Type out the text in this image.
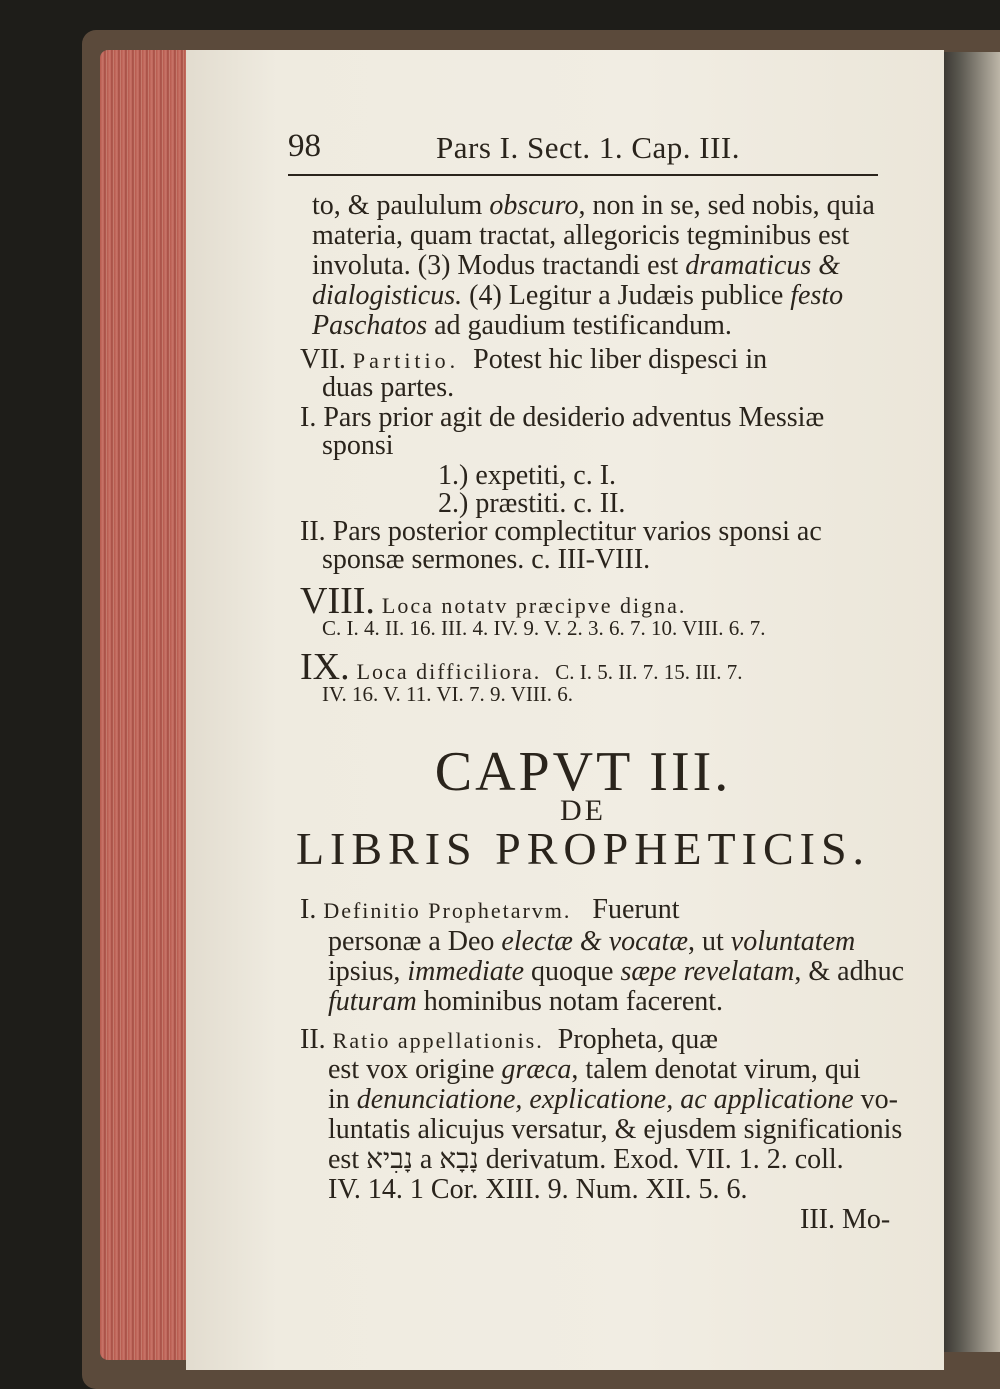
98	Pars I. Sect. 1. Cap. III.
to, & paululum obscuro, non in se, sed nobis, quia
materia, quam tractat, allegoricis tegminibus est
involuta. (3) Modus tractandi est dramaticus &
dialogisticus. (4) Legitur a Judæis publice festo
Paschatos ad gaudium testificandum.
VII. Partitio. Potest hic liber dispesci in
duas partes.
I. Pars prior agit de desiderio adventus Messiæ
sponsi
1.) expetiti, c. I.
2.) præstiti. c. II.
II. Pars posterior complectitur varios sponsi ac
sponsæ sermones. c. III-VIII.
VIII. Loca notatv præcipve digna.
C. I. 4. II. 16. III. 4. IV. 9. V. 2. 3. 6. 7. 10. VIII. 6. 7.
IX. Loca difficiliora. C. I. 5. II. 7. 15. III. 7.
IV. 16. V. 11. VI. 7. 9. VIII. 6.
CAPVT III.
DE
LIBRIS PROPHETICIS.
I. Definitio Prophetarvm. Fuerunt
personæ a Deo electæ & vocatæ, ut voluntatem
ipsius, immediate quoque sæpe revelatam, & adhuc
futuram hominibus notam facerent.
II. Ratio appellationis. Propheta, quæ
est vox origine græca, talem denotat virum, qui
in denunciatione, explicatione, ac applicatione vo-
luntatis alicujus versatur, & ejusdem significationis
est נָבִיא a נָבָא derivatum. Exod. VII. 1. 2. coll.
IV. 14. 1 Cor. XIII. 9. Num. XII. 5. 6.
III. Mo-
